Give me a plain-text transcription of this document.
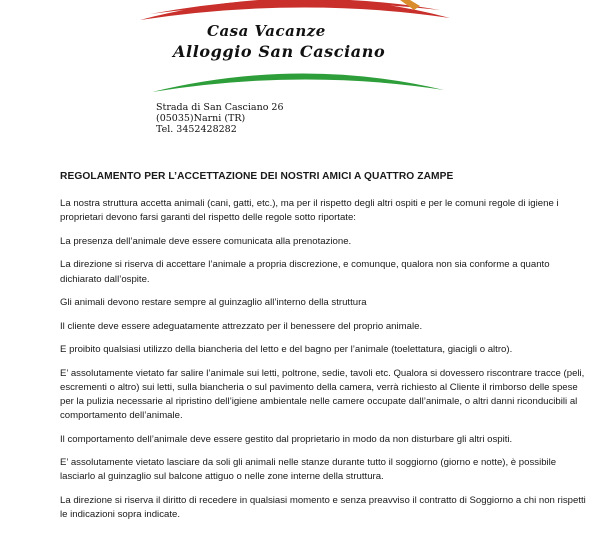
Casa Vacanze
Alloggio San Casciano
Strada di San Casciano 26
(05035)Narni (TR)
Tel. 3452428282
REGOLAMENTO PER L’ACCETTAZIONE DEI NOSTRI AMICI A QUATTRO ZAMPE

La nostra struttura accetta animali (cani, gatti, etc.), ma per il rispetto degli altri ospiti e per le comuni regole di igiene i proprietari devono farsi garanti del rispetto delle regole sotto riportate:

La presenza dell’animale deve essere comunicata alla prenotazione.

La direzione si riserva di accettare l’animale a propria discrezione, e comunque, qualora non sia conforme a quanto dichiarato dall’ospite.

Gli animali devono restare sempre al guinzaglio all’interno della struttura

Il cliente deve essere adeguatamente attrezzato per il benessere del proprio animale.

E proibito qualsiasi utilizzo della biancheria del letto e del bagno per l’animale (toelettatura, giacigli o altro).

E’ assolutamente vietato far salire l’animale sui letti, poltrone, sedie, tavoli etc. Qualora si dovessero riscontrare tracce (peli, escrementi o altro) sui letti, sulla biancheria o sul pavimento della camera, verrà richiesto al Cliente il rimborso delle spese per la pulizia necessarie al ripristino dell’igiene ambientale nelle camere occupate dall’animale, o altri danni riconducibili al comportamento dell’animale.

Il comportamento dell’animale deve essere gestito dal proprietario in modo da non disturbare gli altri ospiti.

E’ assolutamente vietato lasciare da soli gli animali nelle stanze durante tutto il soggiorno (giorno e notte), è possibile lasciarlo al guinzaglio sul balcone attiguo o nelle zone interne della struttura.

La direzione si riserva il diritto di recedere in qualsiasi momento e senza preavviso il contratto di Soggiorno a chi non rispetti le indicazioni sopra indicate.
